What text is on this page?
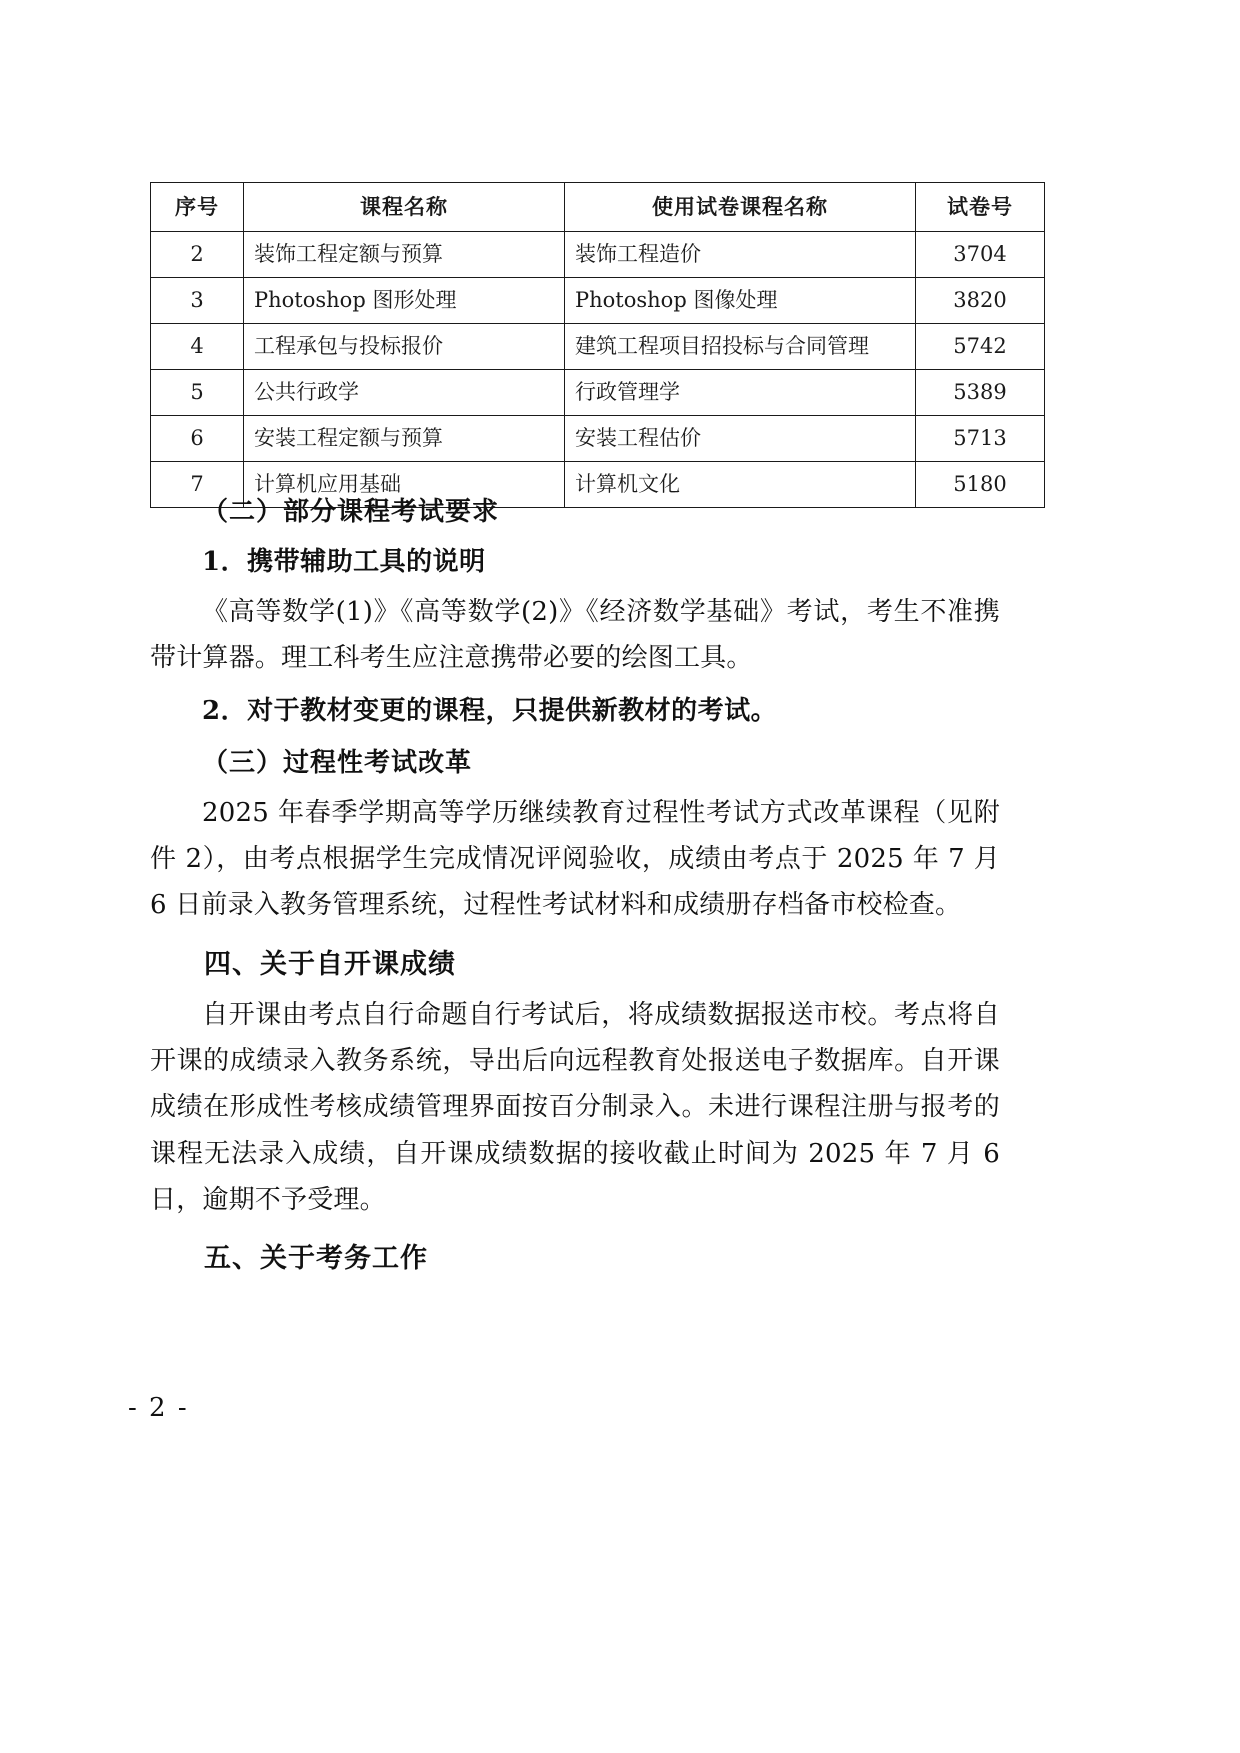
序号	课程名称	使用试卷课程名称	试卷号
2	装饰工程定额与预算	装饰工程造价	3704
3	Photoshop 图形处理	Photoshop 图像处理	3820
4	工程承包与投标报价	建筑工程项目招投标与合同管理	5742
5	公共行政学	行政管理学	5389
6	安装工程定额与预算	安装工程估价	5713
7	计算机应用基础	计算机文化	5180
（二）部分课程考试要求
1．携带辅助工具的说明

《高等数学(1)》《高等数学(2)》《经济数学基础》考试，考生不准携带计算器。理工科考生应注意携带必要的绘图工具。

2．对于教材变更的课程，只提供新教材的考试。
（三）过程性考试改革

2025 年春季学期高等学历继续教育过程性考试方式改革课程（见附件 2），由考点根据学生完成情况评阅验收，成绩由考点于 2025 年 7 月 6 日前录入教务管理系统，过程性考试材料和成绩册存档备市校检查。

四、关于自开课成绩

自开课由考点自行命题自行考试后，将成绩数据报送市校。考点将自开课的成绩录入教务系统，导出后向远程教育处报送电子数据库。自开课成绩在形成性考核成绩管理界面按百分制录入。未进行课程注册与报考的课程无法录入成绩，自开课成绩数据的接收截止时间为 2025 年 7 月 6 日，逾期不予受理。

五、关于考务工作
- 2 -
